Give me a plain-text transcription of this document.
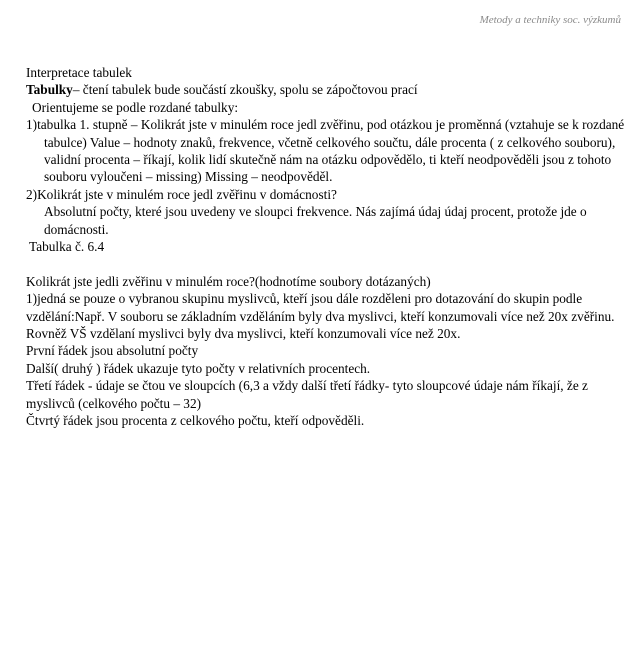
Metody a techniky soc. výzkumů

Interpretace tabulek

Tabulky– čtení tabulek bude součástí zkoušky, spolu se zápočtovou prací

Orientujeme se podle rozdané tabulky:

1)tabulka 1. stupně – Kolikrát jste v minulém roce jedl zvěřinu, pod otázkou je proměnná (vztahuje se k rozdané tabulce) Value – hodnoty znaků, frekvence, včetně celkového součtu, dále procenta ( z celkového souboru), validní procenta – říkají, kolik lidí skutečně nám na otázku odpovědělo, ti kteří neodpověděli jsou z tohoto souboru vyloučeni – missing) Missing – neodpověděl.

2)Kolikrát jste v minulém roce jedl zvěřinu v domácnosti?

Absolutní počty, které jsou uvedeny ve sloupci frekvence. Nás zajímá údaj údaj procent, protože jde o domácnosti.

Tabulka č. 6.4

Kolikrát jste jedli zvěřinu v minulém roce?(hodnotíme soubory dotázaných)

1)jedná se pouze o vybranou skupinu myslivců, kteří jsou dále rozděleni pro dotazování do skupin podle vzdělání:Např. V souboru se základním vzděláním byly dva myslivci, kteří konzumovali více než 20x zvěřinu. Rovněž VŠ vzdělaní myslivci byly dva myslivci, kteří konzumovali více než 20x.

První řádek jsou absolutní počty

Další( druhý ) řádek ukazuje tyto počty v relativních procentech.

Třetí řádek - údaje se čtou ve sloupcích (6,3 a vždy další třetí řádky- tyto sloupcové údaje nám říkají, že z myslivců (celkového počtu – 32)

Čtvrtý řádek jsou procenta z celkového počtu, kteří odpověděli.
